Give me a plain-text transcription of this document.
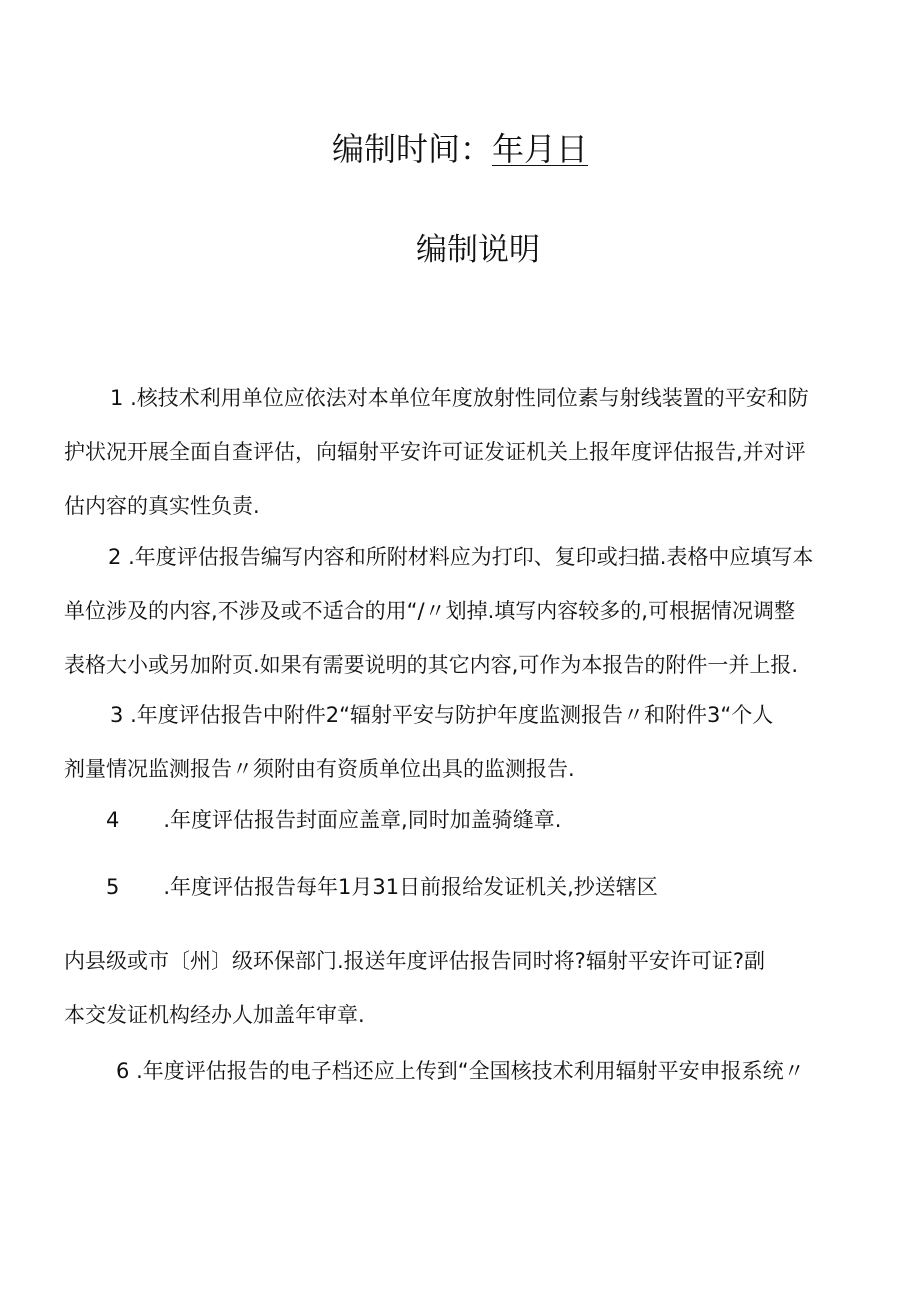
编制时间：年月日
编制说明
1 .核技术利用单位应依法对本单位年度放射性同位素与射线装置的平安和防
护状况开展全面自查评估，向辐射平安许可证发证机关上报年度评估报告,并对评
估内容的真实性负责.
2 .年度评估报告编写内容和所附材料应为打印、复印或扫描.表格中应填写本
单位涉及的内容,不涉及或不适合的用“/〃划掉.填写内容较多的,可根据情况调整
表格大小或另加附页.如果有需要说明的其它内容,可作为本报告的附件一并上报.
3 .年度评估报告中附件2“辐射平安与防护年度监测报告〃和附件3“个人
剂量情况监测报告〃须附由有资质单位出具的监测报告.
4 .年度评估报告封面应盖章,同时加盖骑缝章.
5 .年度评估报告每年1月31日前报给发证机关,抄送辖区
内县级或市〔州〕级环保部门.报送年度评估报告同时将?辐射平安许可证?副
本交发证机构经办人加盖年审章.
6 .年度评估报告的电子档还应上传到“全国核技术利用辐射平安申报系统〃
